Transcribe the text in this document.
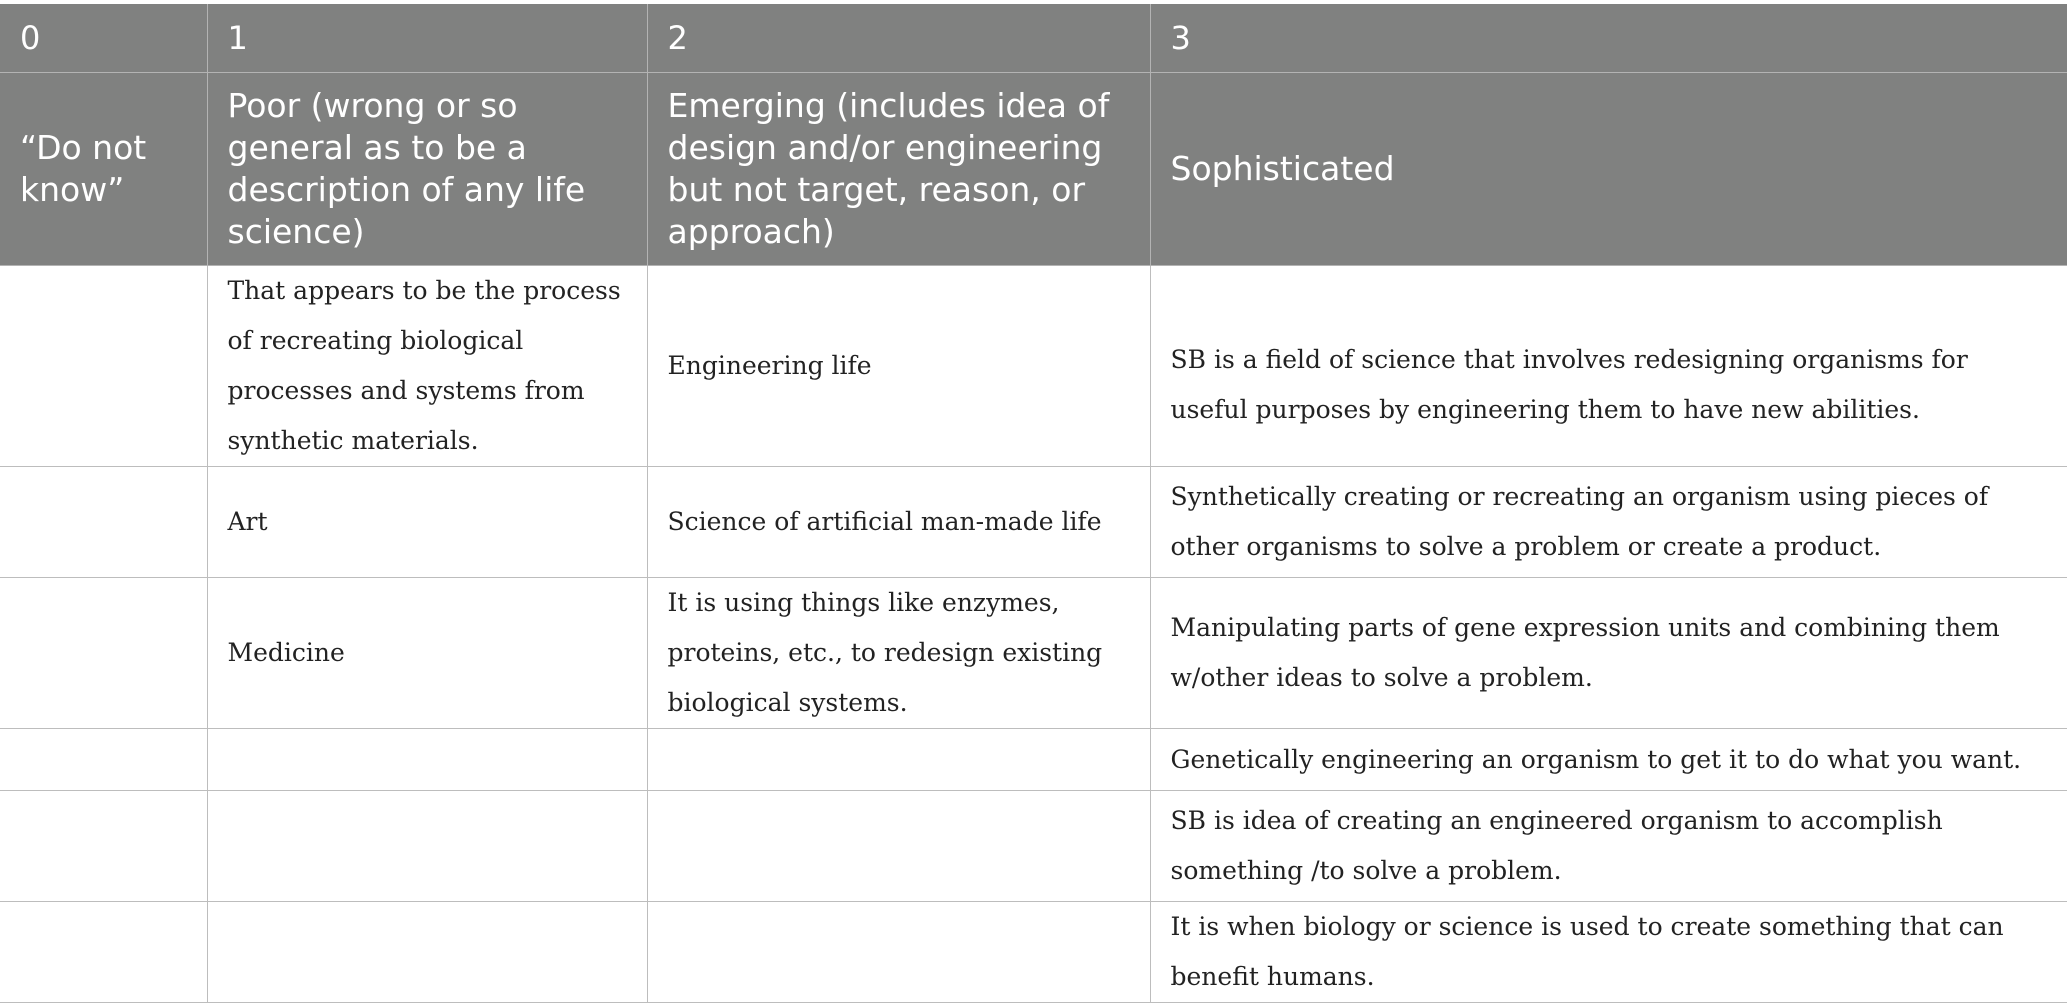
0	1	2	3
“Do not know”	Poor (wrong or so general as to be a description of any life science)	Emerging (includes idea of design and/or engineering but not target, reason, or approach)	Sophisticated
	That appears to be the process of recreating biological processes and systems from synthetic materials.	Engineering life	SB is a field of science that involves redesigning organisms for useful purposes by engineering them to have new abilities.
	Art	Science of artificial man-made life	Synthetically creating or recreating an organism using pieces of other organisms to solve a problem or create a product.
	Medicine	It is using things like enzymes, proteins, etc., to redesign existing biological systems.	Manipulating parts of gene expression units and combining them w/other ideas to solve a problem.
			Genetically engineering an organism to get it to do what you want.
			SB is idea of creating an engineered organism to accomplish something /to solve a problem.
			It is when biology or science is used to create something that can benefit humans.
